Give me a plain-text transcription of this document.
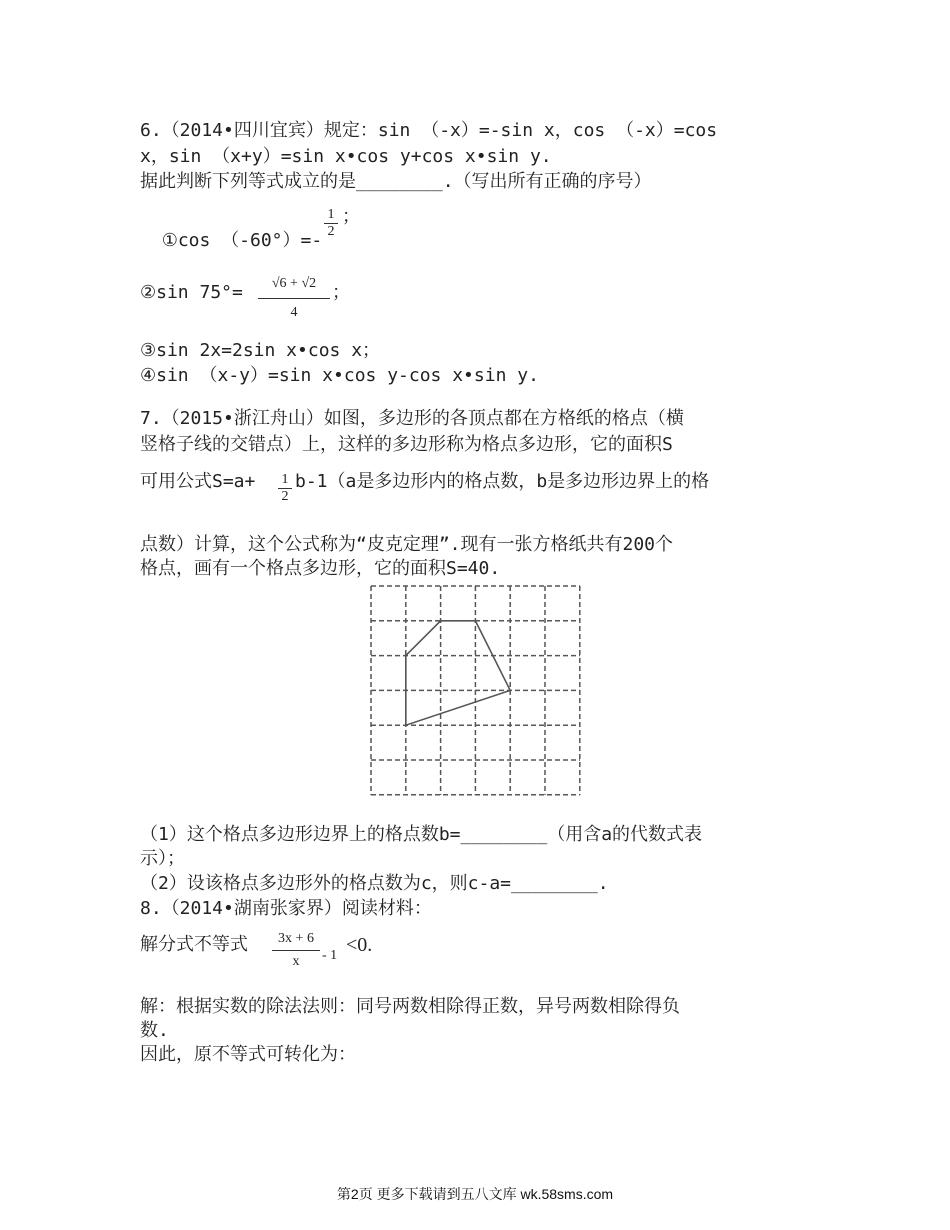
6.（2014•四川宜宾）规定：sin （-x）=-sin x，cos （-x）=cos
x，sin （x+y）=sin x•cos y+cos x•sin y.
据此判断下列等式成立的是________.（写出所有正确的序号）

①cos （-60°）=-

$\frac{1}{2}$ ；
②sin $75^\circ= \frac{√6 + √2}{4}$ ；
③sin 2x=2sin x•cos x；
④sin （x-y）=sin x•cos y-cos x•sin y.
7.（2015•浙江舟山）如图，多边形的各顶点都在方格纸的格点（横
竖格子线的交错点）上，这样的多边形称为格点多边形，它的面积S
可用公式$S=a+ \frac{1}{2} b-1(a$是多边形内的格点数，b是多边形边界上的格
点数）计算，这个公式称为“皮克定理”.现有一张方格纸共有200个
格点，画有一个格点多边形，它的面积S=40.
（1）这个格点多边形边界上的格点数b=________（用含a的代数式表
示）；
（2）设该格点多边形外的格点数为c，则c-a=________.
8.（2014•湖南张家界）阅读材料：
解分式不等式 $\frac{3x + 6}{x} - 1 <0$.
解：根据实数的除法法则：同号两数相除得正数，异号两数相除得负
数.
因此，原不等式可转化为：
第2页 更多下载请到五八文库 wk.58sms.com
